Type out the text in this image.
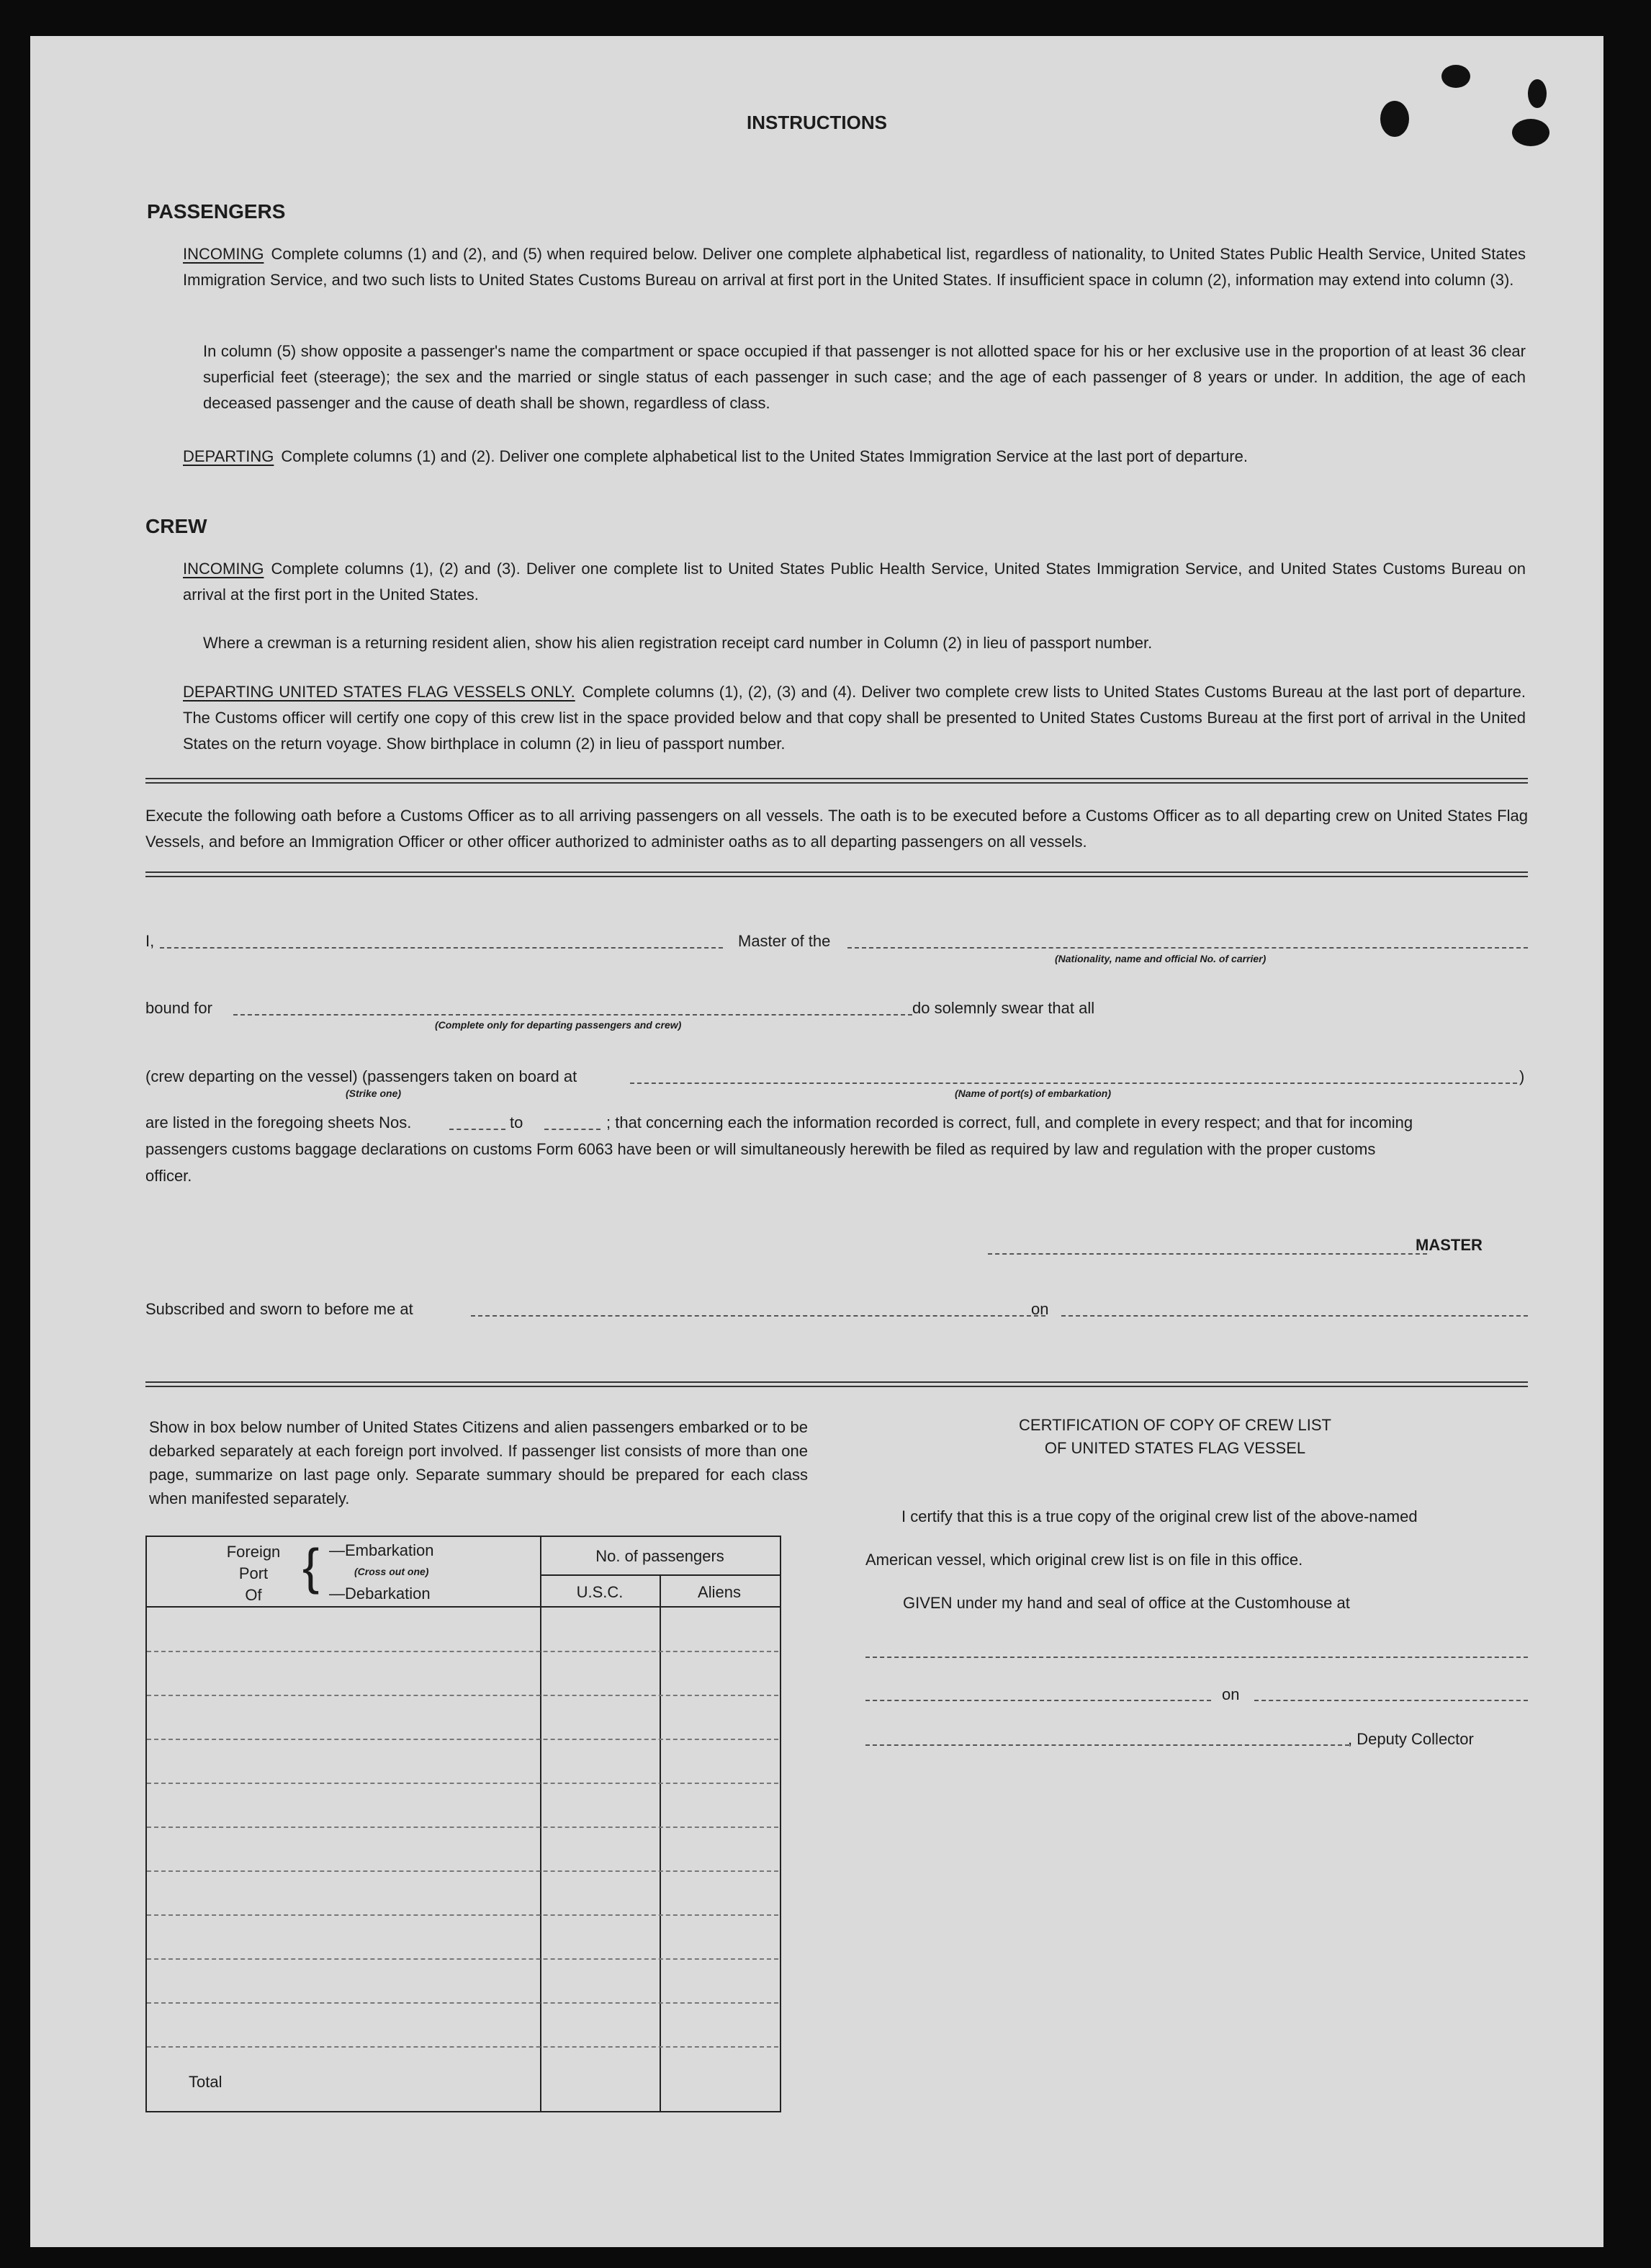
INSTRUCTIONS
PASSENGERS
INCOMING Complete columns (1) and (2), and (5) when required below. Deliver one complete alphabetical list, regardless of nationality, to United States Public Health Service, United States Immigration Service, and two such lists to United States Customs Bureau on arrival at first port in the United States. If insufficient space in column (2), information may extend into column (3).
In column (5) show opposite a passenger's name the compartment or space occupied if that passenger is not allotted space for his or her exclusive use in the proportion of at least 36 clear superficial feet (steerage); the sex and the married or single status of each passenger in such case; and the age of each passenger of 8 years or under. In addition, the age of each deceased passenger and the cause of death shall be shown, regardless of class.
DEPARTING Complete columns (1) and (2). Deliver one complete alphabetical list to the United States Immigration Service at the last port of departure.
CREW
INCOMING Complete columns (1), (2) and (3). Deliver one complete list to United States Public Health Service, United States Immigration Service, and United States Customs Bureau on arrival at the first port in the United States.
Where a crewman is a returning resident alien, show his alien registration receipt card number in Column (2) in lieu of passport number.
DEPARTING UNITED STATES FLAG VESSELS ONLY. Complete columns (1), (2), (3) and (4). Deliver two complete crew lists to United States Customs Bureau at the last port of departure. The Customs officer will certify one copy of this crew list in the space provided below and that copy shall be presented to United States Customs Bureau at the first port of arrival in the United States on the return voyage. Show birthplace in column (2) in lieu of passport number.
Execute the following oath before a Customs Officer as to all arriving passengers on all vessels. The oath is to be executed before a Customs Officer as to all departing crew on United States Flag Vessels, and before an Immigration Officer or other officer authorized to administer oaths as to all departing passengers on all vessels.
I,	Master of the
(Nationality, name and official No. of carrier)
bound for
(Complete only for departing passengers and crew)
do solemnly swear that all
(crew departing on the vessel) (passengers taken on board at
(Strike one)	(Name of port(s) of embarkation)
)
are listed in the foregoing sheets Nos.	to	; that concerning each the information recorded is correct, full, and complete in every respect; and that for incoming
passengers customs baggage declarations on customs Form 6063 have been or will simultaneously herewith be filed as required by law and regulation with the proper customs
officer.
MASTER
Subscribed and sworn to before me at	on
Show in box below number of United States Citizens and alien passengers embarked or to be debarked separately at each foreign port involved. If passenger list consists of more than one page, summarize on last page only. Separate summary should be prepared for each class when manifested separately.
Foreign
Port
Of
{ —Embarkation
(Cross out one)
—Debarkation
No. of passengers
U.S.C.	Aliens
Total
CERTIFICATION OF COPY OF CREW LIST
OF UNITED STATES FLAG VESSEL
I certify that this is a true copy of the original crew list of the above-named
American vessel, which original crew list is on file in this office.
GIVEN under my hand and seal of office at the Customhouse at
on
, Deputy Collector
